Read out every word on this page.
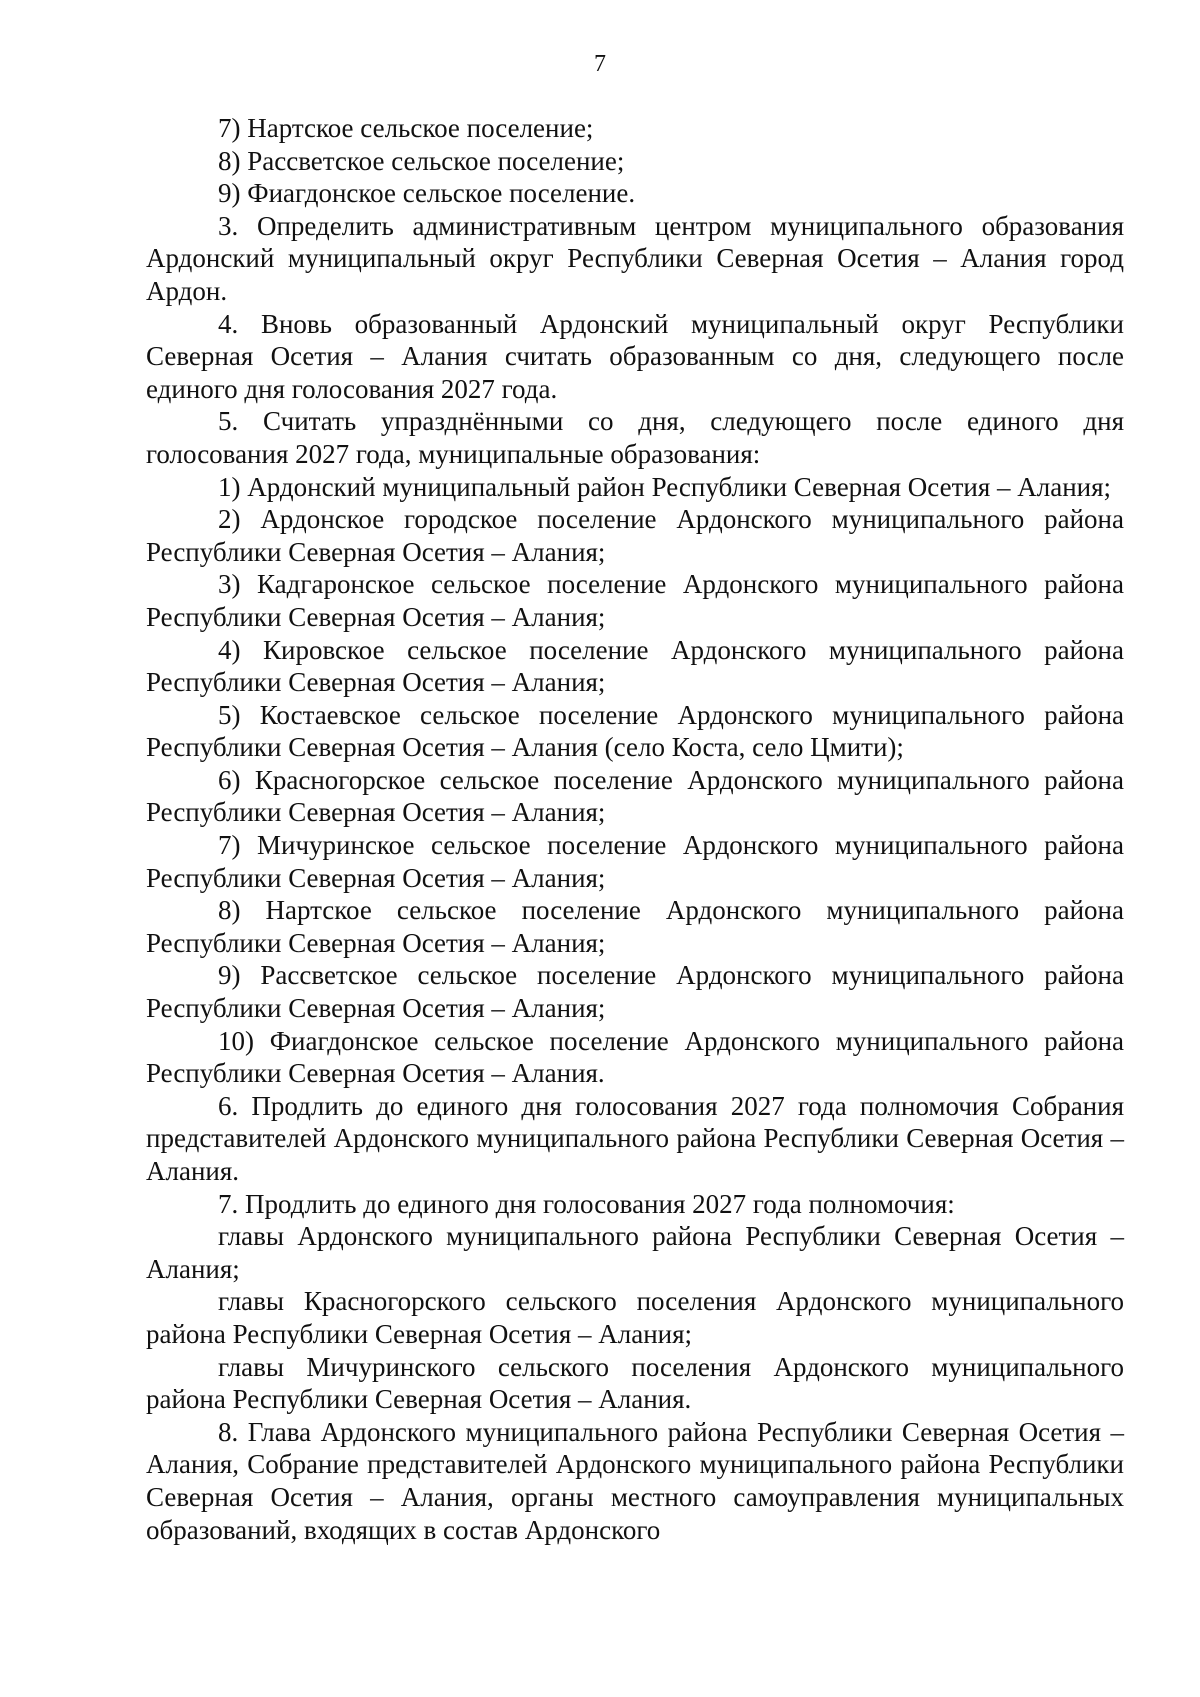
7

7) Нартское сельское поселение;

8) Рассветское сельское поселение;

9) Фиагдонское сельское поселение.

3. Определить административным центром муниципального образования Ардонский муниципальный округ Республики Северная Осетия – Алания город Ардон.

4. Вновь образованный Ардонский муниципальный округ Республики Северная Осетия – Алания считать образованным со дня, следующего после единого дня голосования 2027 года.

5. Считать упразднёнными со дня, следующего после единого дня голосования 2027 года, муниципальные образования:

1) Ардонский муниципальный район Республики Северная Осетия – Алания;

2) Ардонское городское поселение Ардонского муниципального района Республики Северная Осетия – Алания;

3) Кадгаронское сельское поселение Ардонского муниципального района Республики Северная Осетия – Алания;

4) Кировское сельское поселение Ардонского муниципального района Республики Северная Осетия – Алания;

5) Костаевское сельское поселение Ардонского муниципального района Республики Северная Осетия – Алания (село Коста, село Цмити);

6) Красногорское сельское поселение Ардонского муниципального района Республики Северная Осетия – Алания;

7) Мичуринское сельское поселение Ардонского муниципального района Республики Северная Осетия – Алания;

8) Нартское сельское поселение Ардонского муниципального района Республики Северная Осетия – Алания;

9) Рассветское сельское поселение Ардонского муниципального района Республики Северная Осетия – Алания;

10) Фиагдонское сельское поселение Ардонского муниципального района Республики Северная Осетия – Алания.

6. Продлить до единого дня голосования 2027 года полномочия Собрания представителей Ардонского муниципального района Республики Северная Осетия – Алания.

7. Продлить до единого дня голосования 2027 года полномочия:

главы Ардонского муниципального района Республики Северная Осетия – Алания;

главы Красногорского сельского поселения Ардонского муниципального района Республики Северная Осетия – Алания;

главы Мичуринского сельского поселения Ардонского муниципального района Республики Северная Осетия – Алания.

8. Глава Ардонского муниципального района Республики Северная Осетия – Алания, Собрание представителей Ардонского муниципального района Республики Северная Осетия – Алания, органы местного самоуправления муниципальных образований, входящих в состав Ардонского
